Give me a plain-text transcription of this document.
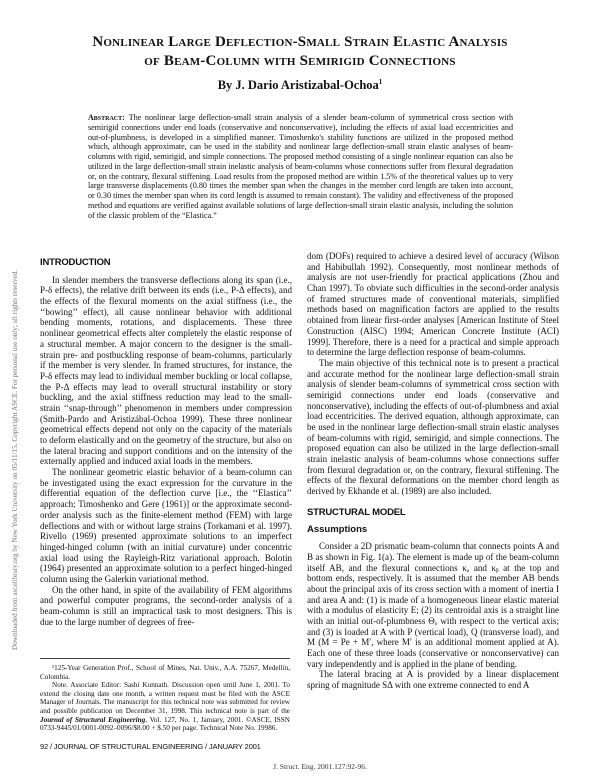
Nonlinear Large Deflection-Small Strain Elastic Analysis
of Beam-Column with Semirigid Connections
By J. Dario Aristizabal-Ochoa$^1$
Abstract: The nonlinear large deflection-small strain analysis of a slender beam-column of symmetrical cross section with semirigid connections under end loads (conservative and nonconservative), including the effects of axial load eccentricities and out-of-plumbness, is developed in a simplified manner. Timoshenko's stability functions are utilized in the proposed method which, although approximate, can be used in the stability and nonlinear large deflection-small strain elastic analyses of beam-columns with rigid, semirigid, and simple connections. The proposed method consisting of a single nonlinear equation can also be utilized in the large deflection-small strain inelastic analysis of beam-columns whose connections suffer from flexural degradation or, on the contrary, flexural stiffening. Load results from the proposed method are within 1.5% of the theoretical values up to very large transverse displacements (0.80 times the member span when the changes in the member cord length are taken into account, or 0.30 times the member span when its cord length is assumed to remain constant). The validity and effectiveness of the proposed method and equations are verified against available solutions of large deflection-small strain elastic analysis, including the solution of the classic problem of the “Elastica.”
Downloaded from ascelibrary.org by New York University on 05/11/15. Copyright ASCE. For personal use only; all rights reserved.
INTRODUCTION

In slender members the transverse deflections along its span (i.e., P-δ effects), the relative drift between its ends (i.e., P-Δ effects), and the effects of the flexural moments on the axial stiffness (i.e., the ‘‘bowing’’ effect), all cause nonlinear behavior with additional bending moments, rotations, and displacements. These three nonlinear geometrical effects alter completely the elastic response of a structural member. A major concern to the designer is the small-strain pre- and postbuckling response of beam-columns, particularly if the member is very slender. In framed structures, for instance, the P-δ effects may lead to individual member buckling or local collapse, the P-Δ effects may lead to overall structural instability or story buckling, and the axial stiffness reduction may lead to the small-strain ‘‘snap-through’’ phenomenon in members under compression (Smith-Pardo and Aristizábal-Ochoa 1999). These three nonlinear geometrical effects depend not only on the capacity of the materials to deform elastically and on the geometry of the structure, but also on the lateral bracing and support conditions and on the intensity of the externally applied and induced axial loads in the members.

The nonlinear geometric elastic behavior of a beam-column can be investigated using the exact expression for the curvature in the differential equation of the deflection curve [i.e., the ‘‘Elastica’’ approach; Timoshenko and Gere (1961)] or the approximate second-order analysis such as the finite-element method (FEM) with large deflections and with or without large strains (Torkamani et al. 1997). Rivello (1969) presented approximate solutions to an imperfect hinged-hinged column (with an initial curvature) under concentric axial load using the Rayleigh-Ritz variational approach. Bolotin (1964) presented an approximate solution to a perfect hinged-hinged column using the Galerkin variational method.

On the other hand, in spite of the availability of FEM algorithms and powerful computer programs, the second-order analysis of a beam-column is still an impractical task to most designers. This is due to the large number of degrees of free-

¹125-Year Generation Prof., School of Mines, Nat. Univ., A.A. 75267, Medellín, Colombia.

Note. Associate Editor: Sashi Kunnath. Discussion open until June 1, 2001. To extend the closing date one month, a written request must be filed with the ASCE Manager of Journals. The manuscript for this technical note was submitted for review and possible publication on December 31, 1998. This technical note is part of the Journal of Structural Engineering, Vol. 127, No. 1, January, 2001. ©ASCE, ISSN 0733-9445/01/0001-0092–0096/$8.00 + $.50 per page. Technical Note No. 19986.

dom (DOFs) required to achieve a desired level of accuracy (Wilson and Habibullah 1992). Consequently, most nonlinear methods of analysis are not user-friendly for practical applications (Zhou and Chan 1997). To obviate such difficulties in the second-order analysis of framed structures made of conventional materials, simplified methods based on magnification factors are applied to the results obtained from linear first-order analyses [American Institute of Steel Construction (AISC) 1994; American Concrete Institute (ACI) 1999]. Therefore, there is a need for a practical and simple approach to determine the large deflection response of beam-columns.

The main objective of this technical note is to present a practical and accurate method for the nonlinear large deflection-small strain analysis of slender beam-columns of symmetrical cross section with semirigid connections under end loads (conservative and nonconservative), including the effects of out-of-plumbness and axial load eccentricities. The derived equation, although approximate, can be used in the nonlinear large deflection-small strain elastic analyses of beam-columns with rigid, semirigid, and simple connections. The proposed equation can also be utilized in the large deflection-small strain inelastic analysis of beam-columns whose connections suffer from flexural degradation or, on the contrary, flexural stiffening. The effects of the flexural deformations on the member chord length as derived by Ekhande et al. (1989) are also included.

STRUCTURAL MODEL
Assumptions

Consider a 2D prismatic beam-column that connects points A and B as shown in Fig. 1(a). The element is made up of the beam-column itself AB, and the flexural connections κₐ and κᵦ at the top and bottom ends, respectively. It is assumed that the member AB bends about the principal axis of its cross section with a moment of inertia I and area A and: (1) is made of a homogeneous linear elastic material with a modulus of elasticity E; (2) its centroidal axis is a straight line with an initial out-of-plumbness Θₒ with respect to the vertical axis; and (3) is loaded at A with P (vertical load), Q (transverse load), and M (M = Pe + M′, where M′ is an additional moment applied at A). Each one of these three loads (conservative or nonconservative) can vary independently and is applied in the plane of bending.

The lateral bracing at A is provided by a linear displacement spring of magnitude SΔ with one extreme connected to end A

92 / JOURNAL OF STRUCTURAL ENGINEERING / JANUARY 2001
J. Struct. Eng. 2001.127:92-96.
